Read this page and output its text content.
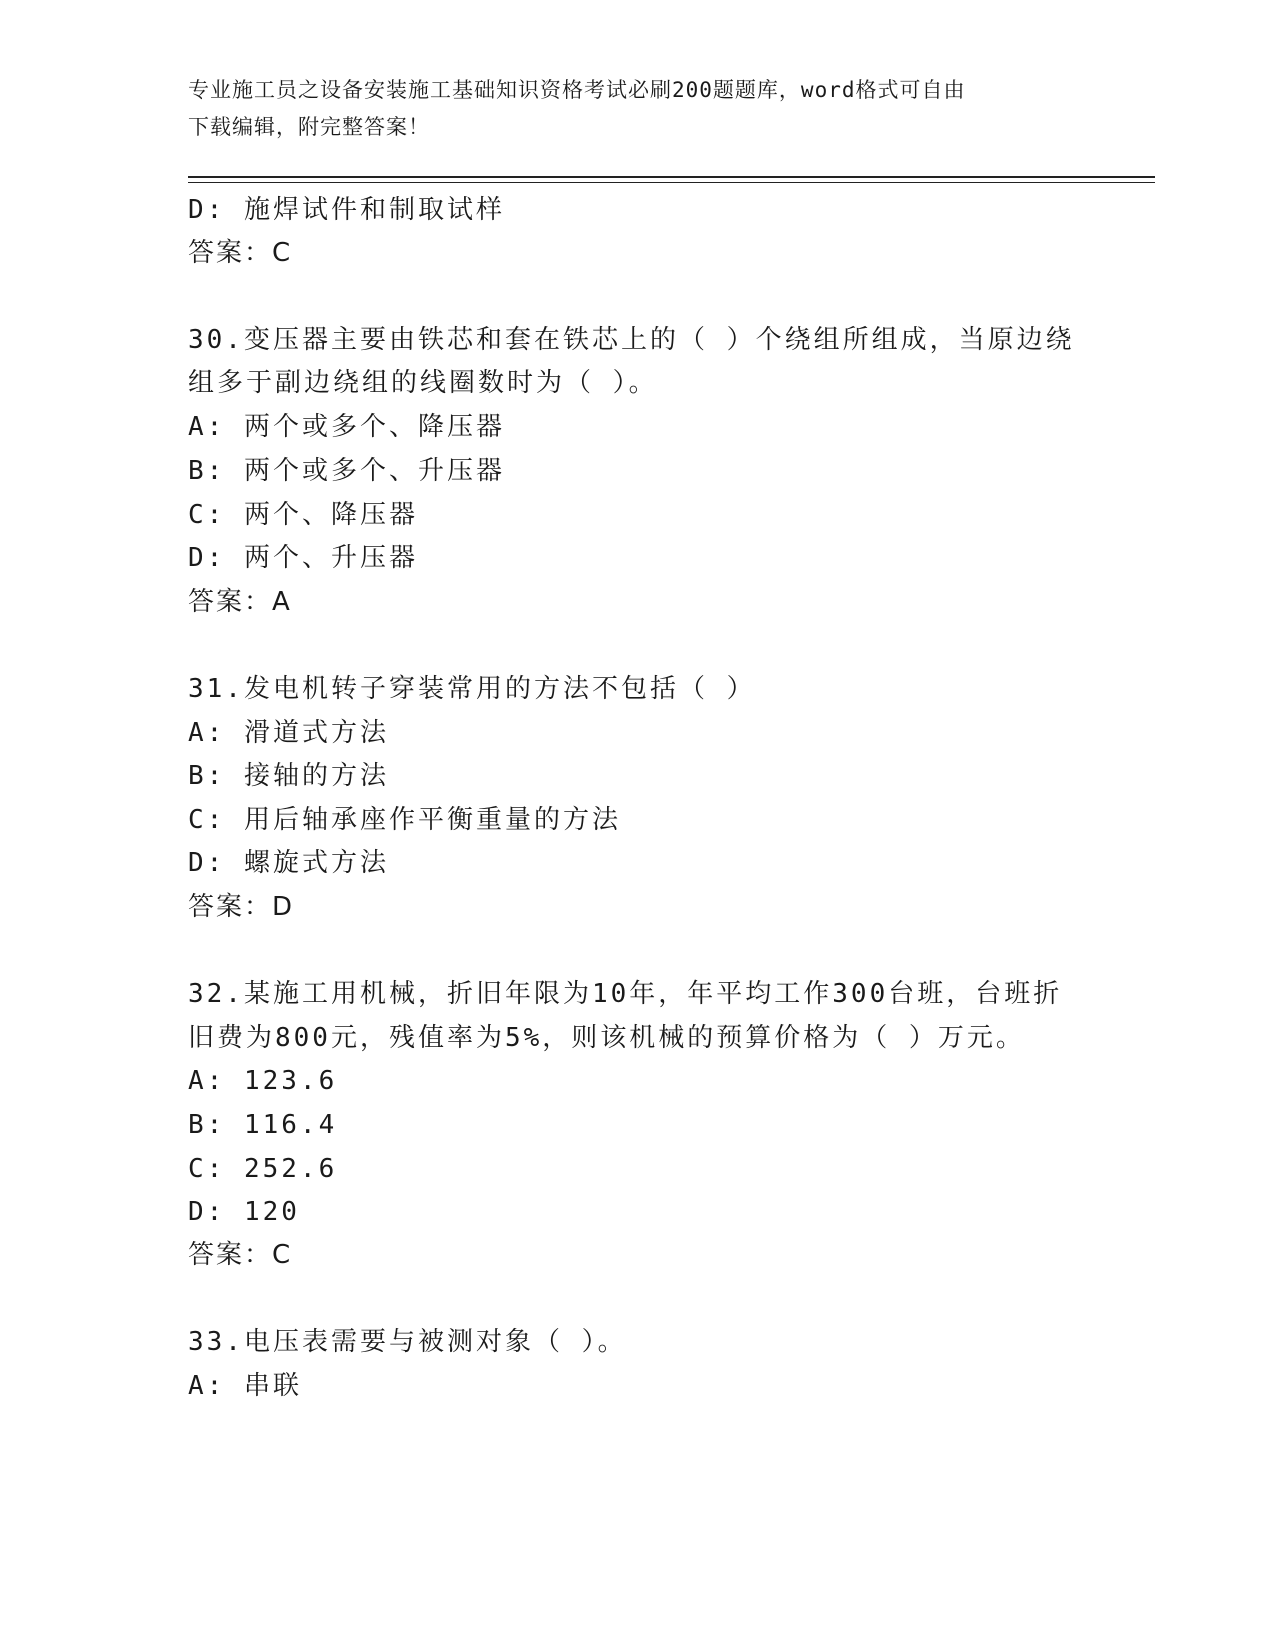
专业施工员之设备安装施工基础知识资格考试必刷200题题库，word格式可自由
下载编辑，附完整答案！
D: 施焊试件和制取试样
答案：C
30.变压器主要由铁芯和套在铁芯上的（ ）个绕组所组成，当原边绕
组多于副边绕组的线圈数时为（ ）。
A: 两个或多个、降压器
B: 两个或多个、升压器
C: 两个、降压器
D: 两个、升压器
答案：A
31.发电机转子穿装常用的方法不包括（ ）
A: 滑道式方法
B: 接轴的方法
C: 用后轴承座作平衡重量的方法
D: 螺旋式方法
答案：D
32.某施工用机械，折旧年限为10年，年平均工作300台班，台班折
旧费为800元，残值率为5%，则该机械的预算价格为（ ）万元。
A: 123.6
B: 116.4
C: 252.6
D: 120
答案：C
33.电压表需要与被测对象（ ）。
A: 串联
